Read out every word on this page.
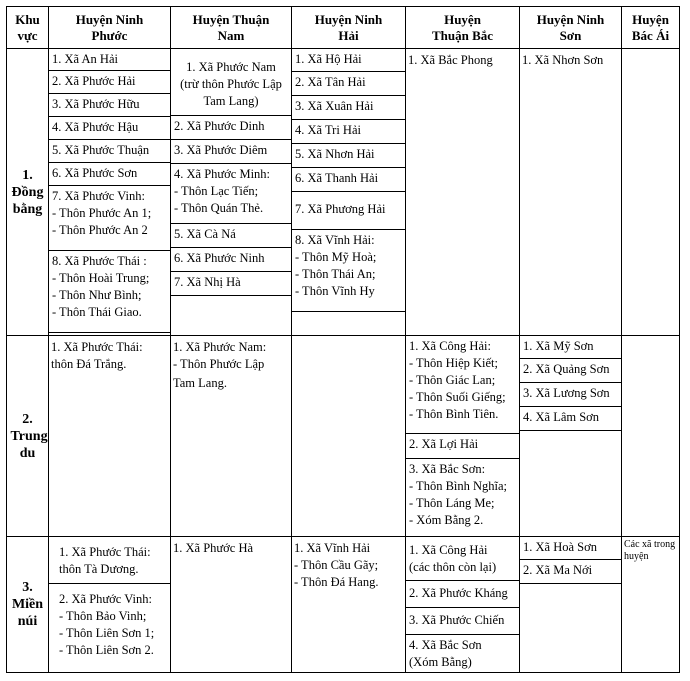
Khu vực
Huyện Ninh Phước
Huyện Thuận Nam
Huyện Ninh Hải
Huyện Thuận Bắc
Huyện Ninh Sơn
Huyện Bác Ái
1. Đồng bằng
2. Trung du
3. Miền núi
1. Xã An Hải
2. Xã Phước Hải
3. Xã Phước Hữu
4. Xã Phước Hậu
5. Xã Phước Thuận
6. Xã Phước Sơn
7. Xã Phước Vinh:
- Thôn Phước An 1;
- Thôn Phước An 2
8. Xã Phước Thái :
- Thôn Hoài Trung;
- Thôn Như Bình;
- Thôn Thái Giao.
1. Xã Phước Nam
(trừ thôn Phước Lập
Tam Lang)
2. Xã Phước Dinh
3. Xã Phước Diêm
4. Xã Phước Minh:
- Thôn Lạc Tiến;
- Thôn Quán Thẻ.
5. Xã Cà Ná
6. Xã Phước Ninh
7. Xã Nhị Hà
1. Xã Hộ Hải
2. Xã Tân Hải
3. Xã Xuân Hải
4. Xã Tri Hải
5. Xã Nhơn Hải
6. Xã Thanh Hải
7. Xã Phương Hải
8. Xã Vĩnh Hải:
- Thôn Mỹ Hoà;
- Thôn Thái An;
- Thôn Vĩnh Hy
1. Xã Bắc Phong	1. Xã Nhơn Sơn
1. Xã Phước Thái:
thôn Đá Trắng.
1. Xã Phước Nam:
- Thôn Phước Lập
Tam Lang.
1. Xã Công Hải:
- Thôn Hiệp Kiết;
- Thôn Giác Lan;
- Thôn Suối Giếng;
- Thôn Bình Tiên.
2. Xã Lợi Hải
3. Xã Bắc Sơn:
- Thôn Bình Nghĩa;
- Thôn Láng Me;
- Xóm Bằng 2.
1. Xã Mỹ Sơn
2. Xã Quảng Sơn
3. Xã Lương Sơn
4. Xã Lâm Sơn
1. Xã Phước Thái:
thôn Tà Dương.
2. Xã Phước Vinh:
- Thôn Bảo Vinh;
- Thôn Liên Sơn 1;
- Thôn Liên Sơn 2.
1. Xã Phước Hà	1. Xã Vĩnh Hải
- Thôn Cầu Gãy;
- Thôn Đá Hang.
1. Xã Công Hải
(các thôn còn lại)
2. Xã Phước Kháng
3. Xã Phước Chiến
4. Xã Bắc Sơn
(Xóm Bằng)
1. Xã Hoà Sơn
2. Xã Ma Nới
Các xã trong
huyện
